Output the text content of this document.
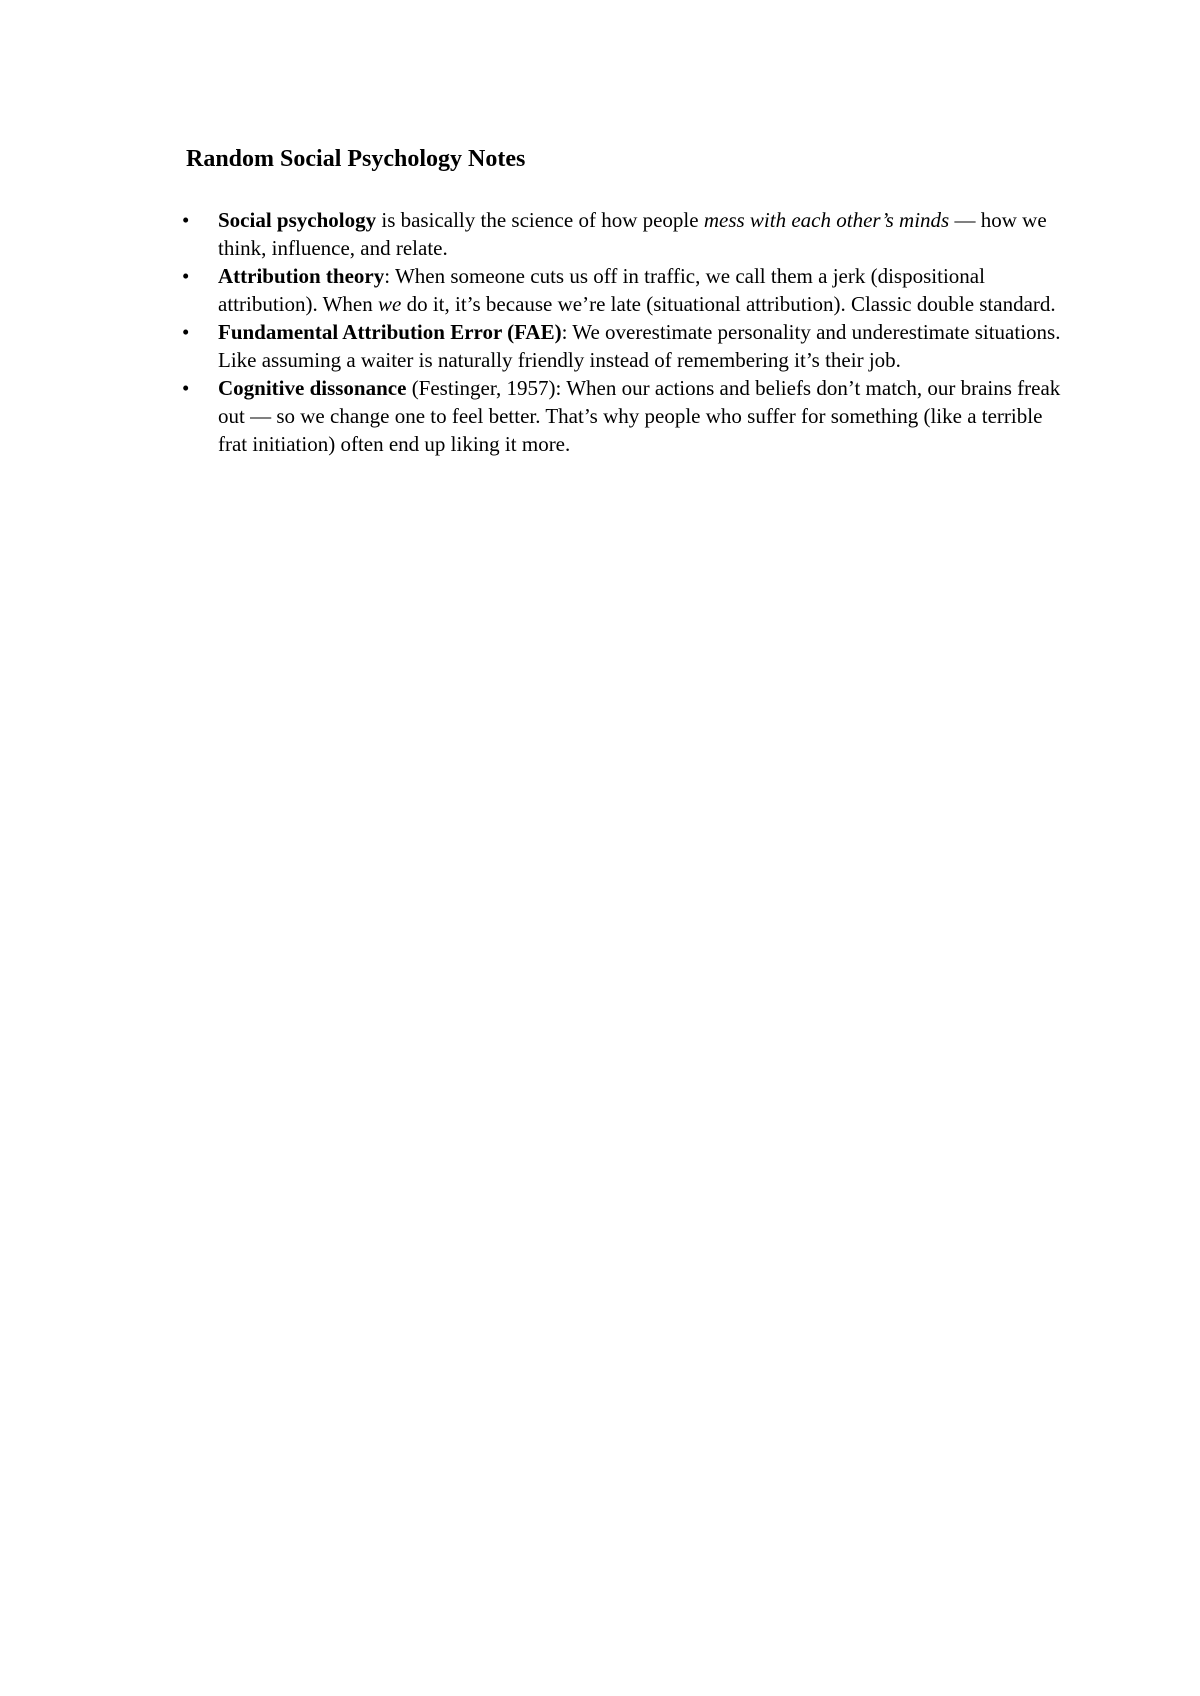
Random Social Psychology Notes
• Social psychology is basically the science of how people mess with each other’s minds — how we think, influence, and relate.
• Attribution theory: When someone cuts us off in traffic, we call them a jerk (dispositional attribution). When we do it, it’s because we’re late (situational attribution). Classic double standard.
• Fundamental Attribution Error (FAE): We overestimate personality and underestimate situations. Like assuming a waiter is naturally friendly instead of remembering it’s their job.
• Cognitive dissonance (Festinger, 1957): When our actions and beliefs don’t match, our brains freak out — so we change one to feel better. That’s why people who suffer for something (like a terrible frat initiation) often end up liking it more.
